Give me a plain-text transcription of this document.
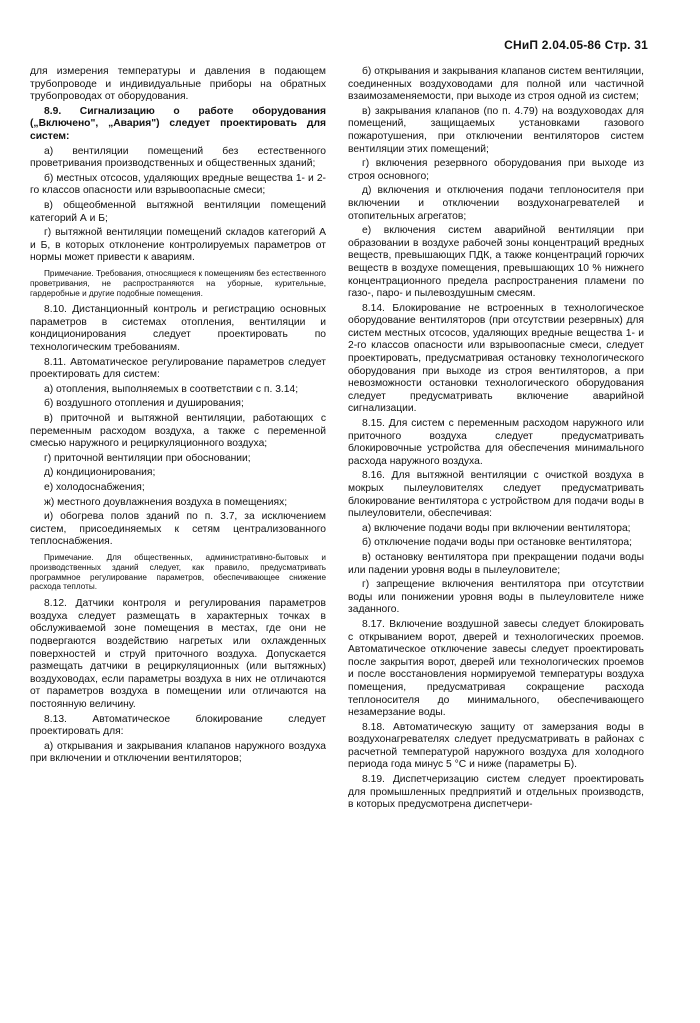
СНиП 2.04.05-86 Стр. 31

для измерения температуры и давления в подающем трубопроводе и индивидуальные приборы на обратных трубопроводах от оборудования.

8.9. Сигнализацию о работе оборудования („Включено", „Авария") следует проектировать для систем:

а) вентиляции помещений без естественного проветривания производственных и общественных зданий;

б) местных отсосов, удаляющих вредные вещества 1- и 2-го классов опасности или взрывоопасные смеси;

в) общеобменной вытяжной вентиляции помещений категорий А и Б;

г) вытяжной вентиляции помещений складов категорий А и Б, в которых отклонение контролируемых параметров от нормы может привести к авариям.

Примечание. Требования, относящиеся к помещениям без естественного проветривания, не распространяются на уборные, курительные, гардеробные и другие подобные помещения.

8.10. Дистанционный контроль и регистрацию основных параметров в системах отопления, вентиляции и кондиционирования следует проектировать по технологическим требованиям.

8.11. Автоматическое регулирование параметров следует проектировать для систем:

а) отопления, выполняемых в соответствии с п. 3.14;

б) воздушного отопления и душирования;

в) приточной и вытяжной вентиляции, работающих с переменным расходом воздуха, а также с переменной смесью наружного и рециркуляционного воздуха;

г) приточной вентиляции при обосновании;

д) кондиционирования;

е) холодоснабжения;

ж) местного доувлажнения воздуха в помещениях;

и) обогрева полов зданий по п. 3.7, за исключением систем, присоединяемых к сетям централизованного теплоснабжения.

Примечание. Для общественных, административно-бытовых и производственных зданий следует, как правило, предусматривать программное регулирование параметров, обеспечивающее снижение расхода теплоты.

8.12. Датчики контроля и регулирования параметров воздуха следует размещать в характерных точках в обслуживаемой зоне помещения в местах, где они не подвергаются воздействию нагретых или охлажденных поверхностей и струй приточного воздуха. Допускается размещать датчики в рециркуляционных (или вытяжных) воздуховодах, если параметры воздуха в них не отличаются от параметров воздуха в помещении или отличаются на постоянную величину.

8.13. Автоматическое блокирование следует проектировать для:

а) открывания и закрывания клапанов наружного воздуха при включении и отключении вентиляторов;

б) открывания и закрывания клапанов систем вентиляции, соединенных воздуховодами для полной или частичной взаимозаменяемости, при выходе из строя одной из систем;

в) закрывания клапанов (по п. 4.79) на воздуховодах для помещений, защищаемых установками газового пожаротушения, при отключении вентиляторов систем вентиляции этих помещений;

г) включения резервного оборудования при выходе из строя основного;

д) включения и отключения подачи теплоносителя при включении и отключении воздухонагревателей и отопительных агрегатов;

е) включения систем аварийной вентиляции при образовании в воздухе рабочей зоны концентраций вредных веществ, превышающих ПДК, а также концентраций горючих веществ в воздухе помещения, превышающих 10 % нижнего концентрационного предела распространения пламени по газо-, паро- и пылевоздушным смесям.

8.14. Блокирование не встроенных в технологическое оборудование вентиляторов (при отсутствии резервных) для систем местных отсосов, удаляющих вредные вещества 1- и 2-го классов опасности или взрывоопасные смеси, следует проектировать, предусматривая остановку технологического оборудования при выходе из строя вентиляторов, а при невозможности остановки технологического оборудования следует предусматривать включение аварийной сигнализации.

8.15. Для систем с переменным расходом наружного или приточного воздуха следует предусматривать блокировочные устройства для обеспечения минимального расхода наружного воздуха.

8.16. Для вытяжной вентиляции с очисткой воздуха в мокрых пылеуловителях следует предусматривать блокирование вентилятора с устройством для подачи воды в пылеуловители, обеспечивая:

а) включение подачи воды при включении вентилятора;

б) отключение подачи воды при остановке вентилятора;

в) остановку вентилятора при прекращении подачи воды или падении уровня воды в пылеуловителе;

г) запрещение включения вентилятора при отсутствии воды или понижении уровня воды в пылеуловителе ниже заданного.

8.17. Включение воздушной завесы следует блокировать с открыванием ворот, дверей и технологических проемов. Автоматическое отключение завесы следует проектировать после закрытия ворот, дверей или технологических проемов и после восстановления нормируемой температуры воздуха помещения, предусматривая сокращение расхода теплоносителя до минимального, обеспечивающего незамерзание воды.

8.18. Автоматическую защиту от замерзания воды в воздухонагревателях следует предусматривать в районах с расчетной температурой наружного воздуха для холодного периода года минус 5 °С и ниже (параметры Б).

8.19. Диспетчеризацию систем следует проектировать для промышленных предприятий и отдельных производств, в которых предусмотрена диспетчери-
